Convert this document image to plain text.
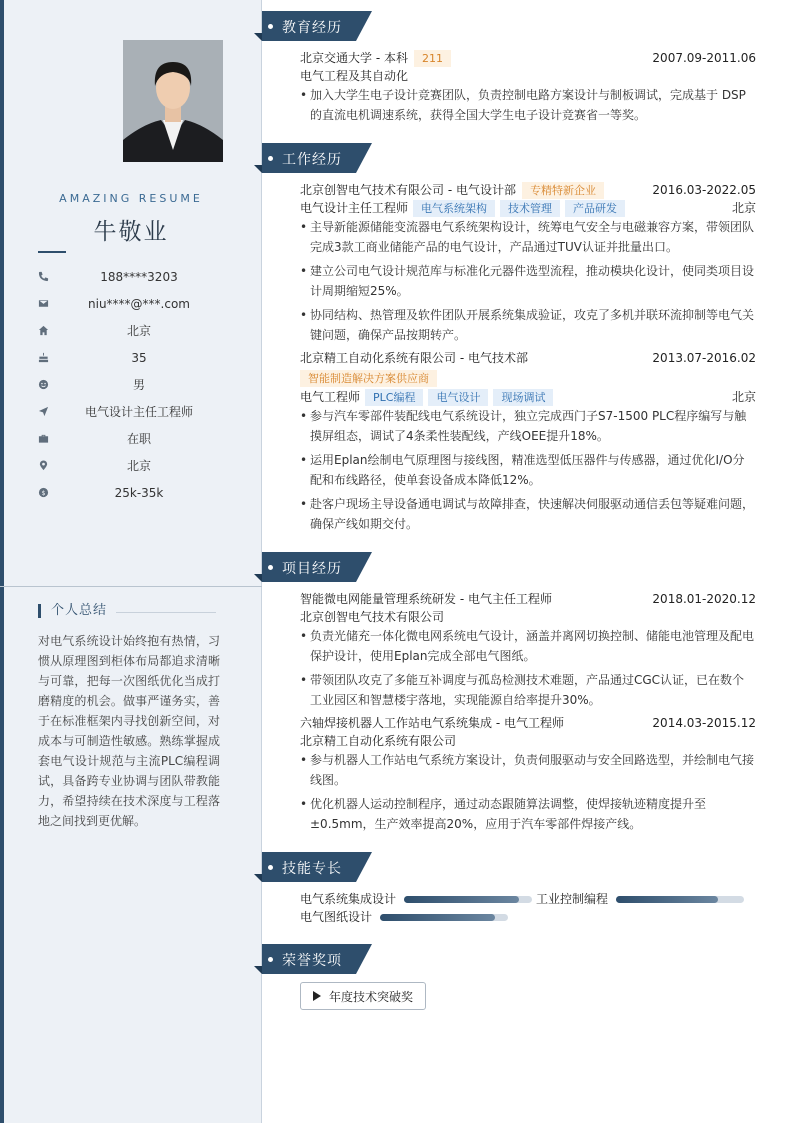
AMAZING RESUME
牛敬业
188****3203
niu****@***.com
北京
35
男
电气设计主任工程师
在职
北京
$	25k-35k
个人总结
对电气系统设计始终抱有热情，习惯从原理图到柜体布局都追求清晰与可靠，把每一次图纸优化当成打磨精度的机会。做事严谨务实，善于在标准框架内寻找创新空间，对成本与可制造性敏感。熟练掌握成套电气设计规范与主流PLC编程调试，具备跨专业协调与团队带教能力，希望持续在技术深度与工程落地之间找到更优解。
教育经历
北京交通大学 - 本科	211	2007.09-2011.06
电气工程及其自动化
• 加入大学生电子设计竞赛团队，负责控制电路方案设计与制板调试，完成基于 DSP 的直流电机调速系统，获得全国大学生电子设计竞赛省一等奖。
工作经历
北京创智电气技术有限公司 - 电气设计部	专精特新企业	2016.03-2022.05
电气设计主任工程师	电气系统架构	技术管理	产品研发	北京
• 主导新能源储能变流器电气系统架构设计，统筹电气安全与电磁兼容方案，带领团队完成3款工商业储能产品的电气设计，产品通过TUV认证并批量出口。
• 建立公司电气设计规范库与标准化元器件选型流程，推动模块化设计，使同类项目设计周期缩短25%。
• 协同结构、热管理及软件团队开展系统集成验证，攻克了多机并联环流抑制等电气关键问题，确保产品按期转产。
北京精工自动化系统有限公司 - 电气技术部	2013.07-2016.02
智能制造解决方案供应商
电气工程师	PLC编程	电气设计	现场调试	北京
• 参与汽车零部件装配线电气系统设计，独立完成西门子S7-1500 PLC程序编写与触摸屏组态，调试了4条柔性装配线，产线OEE提升18%。
• 运用Eplan绘制电气原理图与接线图，精准选型低压器件与传感器，通过优化I/O分配和布线路径，使单套设备成本降低12%。
• 赴客户现场主导设备通电调试与故障排查，快速解决伺服驱动通信丢包等疑难问题，确保产线如期交付。
项目经历
智能微电网能量管理系统研发 - 电气主任工程师	2018.01-2020.12
北京创智电气技术有限公司
• 负责光储充一体化微电网系统电气设计，涵盖并离网切换控制、储能电池管理及配电保护设计，使用Eplan完成全部电气图纸。
• 带领团队攻克了多能互补调度与孤岛检测技术难题，产品通过CGC认证，已在数个工业园区和智慧楼宇落地，实现能源自给率提升30%。
六轴焊接机器人工作站电气系统集成 - 电气工程师	2014.03-2015.12
北京精工自动化系统有限公司
• 参与机器人工作站电气系统方案设计，负责伺服驱动与安全回路选型，并绘制电气接线图。
• 优化机器人运动控制程序，通过动态跟随算法调整，使焊接轨迹精度提升至±0.5mm，生产效率提高20%，应用于汽车零部件焊接产线。
技能专长
电气系统集成设计	工业控制编程
电气图纸设计
荣誉奖项
年度技术突破奖
